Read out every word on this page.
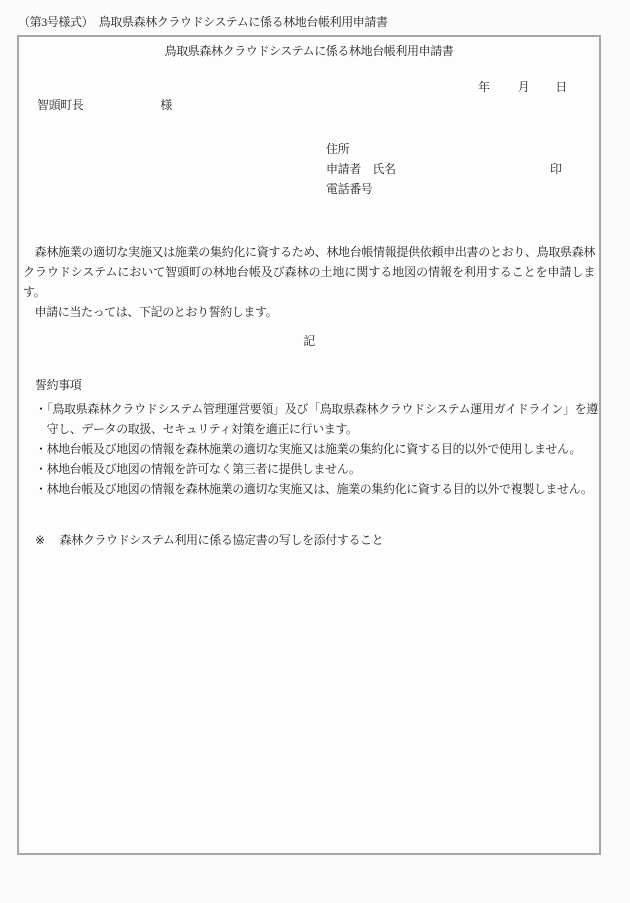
（第3号様式）　鳥取県森林クラウドシステムに係る林地台帳利用申請書
鳥取県森林クラウドシステムに係る林地台帳利用申請書
年 月 日
智頭町長	様
住所
申請者　氏名	印
電話番号

　森林施業の適切な実施又は施業の集約化に資するため、林地台帳情報提供依頼申出書のとおり、鳥取県森林クラウドシステムにおいて智頭町の林地台帳及び森林の土地に関する地図の情報を利用することを申請します。

　申請に当たっては、下記のとおり誓約します。

記

誓約事項

・「鳥取県森林クラウドシステム管理運営要領」及び「鳥取県森林クラウドシステム運用ガイドライン」を遵守し、データの取扱、セキュリティ対策を適正に行います。
・林地台帳及び地図の情報を森林施業の適切な実施又は施業の集約化に資する目的以外で使用しません。
・林地台帳及び地図の情報を許可なく第三者に提供しません。
・林地台帳及び地図の情報を森林施業の適切な実施又は、施業の集約化に資する目的以外で複製しません。
※ 森林クラウドシステム利用に係る協定書の写しを添付すること
